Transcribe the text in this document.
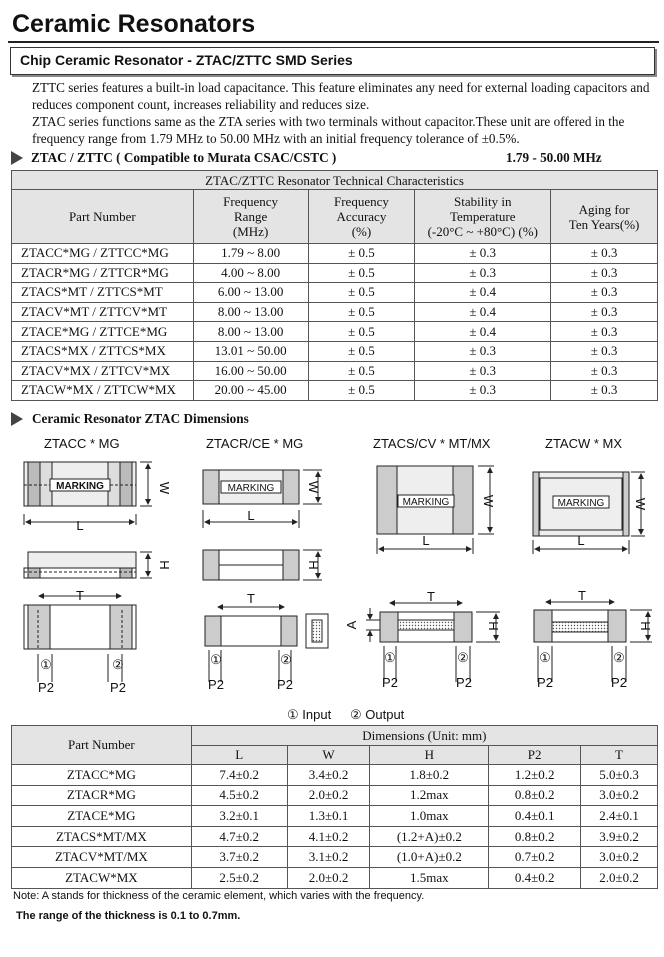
Ceramic Resonators
Chip Ceramic Resonator - ZTAC/ZTTC SMD Series
ZTTC series features a built-in load capacitance. This feature eliminates any need for external loading capacitors and reduces component count, increases reliability and reduces size.
ZTAC series functions same as the ZTA series with two terminals without capacitor.These unit are offered in the frequency range from 1.79 MHz to 50.00 MHz with an initial frequency tolerance of ±0.5%.
ZTAC / ZTTC ( Compatible to Murata CSAC/CSTC )	1.79 - 50.00 MHz
ZTAC/ZTTC Resonator Technical Characteristics				
Part Number	Frequency
Range
(MHz)	Frequency
Accuracy
(%)	Stability in
Temperature
(-20°C ~ +80°C) (%)	Aging for
Ten Years(%)
ZTACC*MG / ZTTCC*MG	1.79 ~ 8.00	± 0.5	± 0.3	± 0.3
ZTACR*MG / ZTTCR*MG	4.00 ~ 8.00	± 0.5	± 0.3	± 0.3
ZTACS*MT / ZTTCS*MT	6.00 ~ 13.00	± 0.5	± 0.4	± 0.3
ZTACV*MT / ZTTCV*MT	8.00 ~ 13.00	± 0.5	± 0.4	± 0.3
ZTACE*MG / ZTTCE*MG	8.00 ~ 13.00	± 0.5	± 0.4	± 0.3
ZTACS*MX / ZTTCS*MX	13.01 ~ 50.00	± 0.5	± 0.3	± 0.3
ZTACV*MX / ZTTCV*MX	16.00 ~ 50.00	± 0.5	± 0.3	± 0.3
ZTACW*MX / ZTTCW*MX	20.00 ~ 45.00	± 0.5	± 0.3	± 0.3
Ceramic Resonator ZTAC Dimensions
ZTACC * MG	ZTACR/CE * MG	ZTACS/CV * MT/MX	ZTACW * MX
MARKING
L
W
H
T
①	②
P2	P2
MARKING
L
W
H
T
①	②
P2	P2
MARKING
L
W
T
A	H
①	②
P2	P2
MARKING
L
W
T
H
①	②
P2	P2
① Input ② Output
Part Number	Dimensions (Unit: mm)				
	L	W	H	P2	T
ZTACC*MG	7.4±0.2	3.4±0.2	1.8±0.2	1.2±0.2	5.0±0.3
ZTACR*MG	4.5±0.2	2.0±0.2	1.2max	0.8±0.2	3.0±0.2
ZTACE*MG	3.2±0.1	1.3±0.1	1.0max	0.4±0.1	2.4±0.1
ZTACS*MT/MX	4.7±0.2	4.1±0.2	(1.2+A)±0.2	0.8±0.2	3.9±0.2
ZTACV*MT/MX	3.7±0.2	3.1±0.2	(1.0+A)±0.2	0.7±0.2	3.0±0.2
ZTACW*MX	2.5±0.2	2.0±0.2	1.5max	0.4±0.2	2.0±0.2
Note: A stands for thickness of the ceramic element, which varies with the frequency.
The range of the thickness is 0.1 to 0.7mm.
